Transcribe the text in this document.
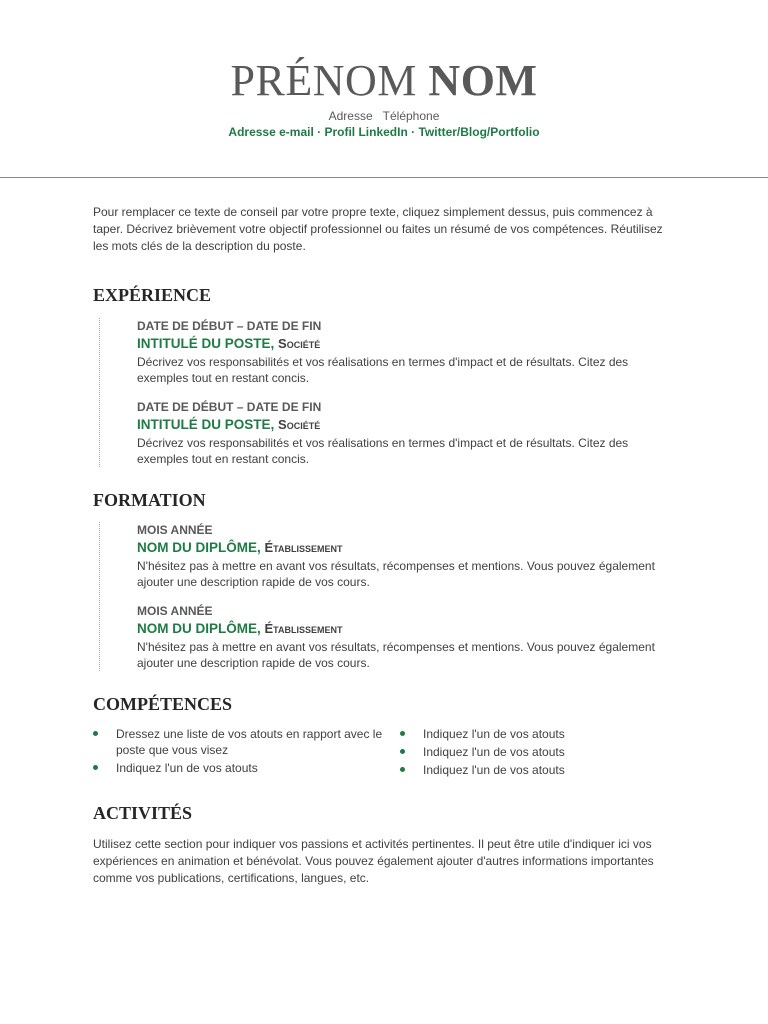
PRÉNOM NOM
Adresse Téléphone
Adresse e-mail · Profil LinkedIn · Twitter/Blog/Portfolio

Pour remplacer ce texte de conseil par votre propre texte, cliquez simplement dessus, puis commencez à taper. Décrivez brièvement votre objectif professionnel ou faites un résumé de vos compétences. Réutilisez les mots clés de la description du poste.

EXPÉRIENCE
DATE DE DÉBUT – DATE DE FIN
INTITULÉ DU POSTE, Société
Décrivez vos responsabilités et vos réalisations en termes d'impact et de résultats. Citez des exemples tout en restant concis.
DATE DE DÉBUT – DATE DE FIN
INTITULÉ DU POSTE, Société
Décrivez vos responsabilités et vos réalisations en termes d'impact et de résultats. Citez des exemples tout en restant concis.
FORMATION
MOIS ANNÉE
NOM DU DIPLÔME, Établissement
N'hésitez pas à mettre en avant vos résultats, récompenses et mentions. Vous pouvez également ajouter une description rapide de vos cours.
MOIS ANNÉE
NOM DU DIPLÔME, Établissement
N'hésitez pas à mettre en avant vos résultats, récompenses et mentions. Vous pouvez également ajouter une description rapide de vos cours.
COMPÉTENCES
Dressez une liste de vos atouts en rapport avec le poste que vous visez
Indiquez l'un de vos atouts
Indiquez l'un de vos atouts
Indiquez l'un de vos atouts
Indiquez l'un de vos atouts
ACTIVITÉS

Utilisez cette section pour indiquer vos passions et activités pertinentes. Il peut être utile d'indiquer ici vos expériences en animation et bénévolat. Vous pouvez également ajouter d'autres informations importantes comme vos publications, certifications, langues, etc.
